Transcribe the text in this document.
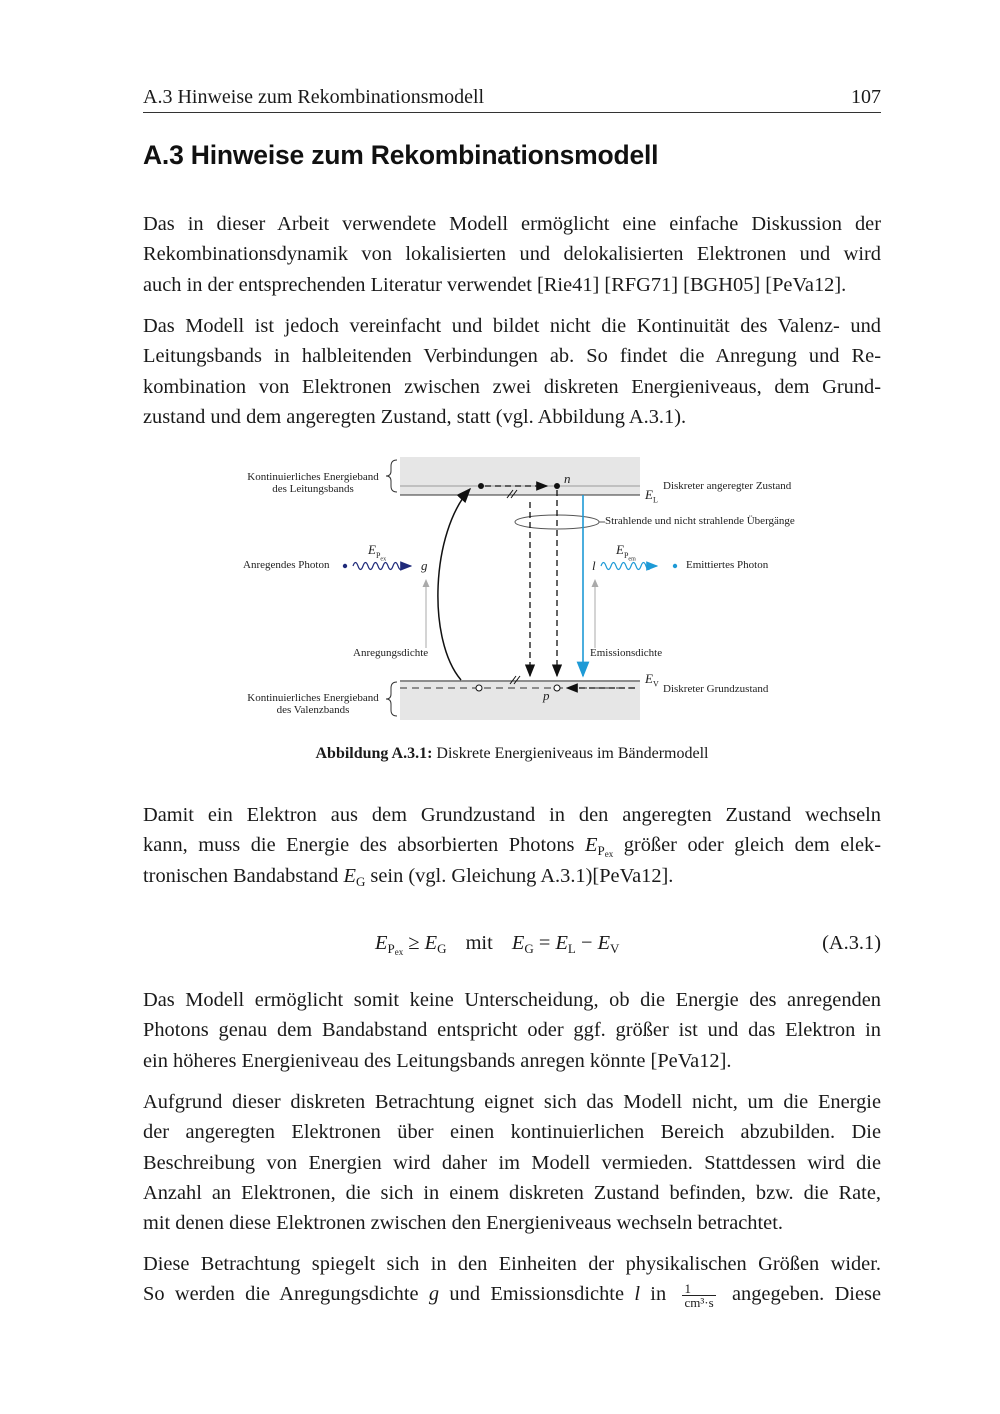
A.3 Hinweise zum Rekombinationsmodell	107
A.3 Hinweise zum Rekombinationsmodell
Das in dieser Arbeit verwendete Modell ermöglicht eine einfache Diskussion der
Rekombinationsdynamik von lokalisierten und delokalisierten Elektronen und wird
auch in der entsprechenden Literatur verwendet [Rie41] [RFG71] [BGH05] [PeVa12].
Das Modell ist jedoch vereinfacht und bildet nicht die Kontinuität des Valenz- und
Leitungsbands in halbleitenden Verbindungen ab. So findet die Anregung und Re-
kombination von Elektronen zwischen zwei diskreten Energieniveaus, dem Grund-
zustand und dem angeregten Zustand, statt (vgl. Abbildung A.3.1).
Kontinuierliches Energieband
des Leitungsbands
Kontinuierliches Energieband
des Valenzbands
Diskreter angeregter Zustand
Diskreter Grundzustand
Strahlende und nicht strahlende Übergänge
Anregendes Photon	Emittiertes Photon
Anregungsdichte	Emissionsdichte
n
p
g	l
$E_L$
$E_V$
$E_{P_{ex}}$
$E_{P_{em}}$
Abbildung A.3.1: Diskrete Energieniveaus im Bändermodell
Damit ein Elektron aus dem Grundzustand in den angeregten Zustand wechseln
kann, muss die Energie des absorbierten Photons $E_{P_{ex}}$ größer oder gleich dem elek-
tronischen Bandabstand $E_G$ sein (vgl. Gleichung A.3.1)[PeVa12].
$E_{P_{ex}} \ge E_G$ mit $E_G = E_L - E_V$	(A.3.1)
Das Modell ermöglicht somit keine Unterscheidung, ob die Energie des anregenden
Photons genau dem Bandabstand entspricht oder ggf. größer ist und das Elektron in
ein höheres Energieniveau des Leitungsbands anregen könnte [PeVa12].
Aufgrund dieser diskreten Betrachtung eignet sich das Modell nicht, um die Energie
der angeregten Elektronen über einen kontinuierlichen Bereich abzubilden. Die
Beschreibung von Energien wird daher im Modell vermieden. Stattdessen wird die
Anzahl an Elektronen, die sich in einem diskreten Zustand befinden, bzw. die Rate,
mit denen diese Elektronen zwischen den Energieniveaus wechseln betrachtet.
Diese Betrachtung spiegelt sich in den Einheiten der physikalischen Größen wider.
So werden die Anregungsdichte g und Emissionsdichte l in $\frac{1}{\text{cm³·s}}$ angegeben. Diese
